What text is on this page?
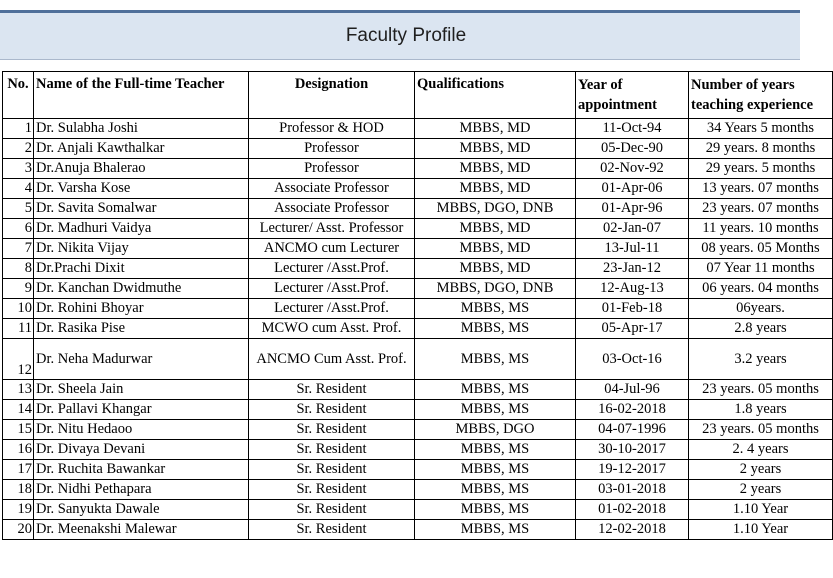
Faculty Profile
No.	Name of the Full-time Teacher	Designation	Qualifications	Year of appointment	Number of years teaching experience
1	Dr. Sulabha Joshi	Professor & HOD	MBBS, MD	11-Oct-94	34 Years 5 months
2	Dr. Anjali Kawthalkar	Professor	MBBS, MD	05-Dec-90	29 years. 8 months
3	Dr.Anuja Bhalerao	Professor	MBBS, MD	02-Nov-92	29 years. 5 months
4	Dr. Varsha Kose	Associate Professor	MBBS, MD	01-Apr-06	13 years. 07 months
5	Dr. Savita Somalwar	Associate Professor	MBBS, DGO, DNB	01-Apr-96	23 years. 07 months
6	Dr. Madhuri Vaidya	Lecturer/ Asst. Professor	MBBS, MD	02-Jan-07	11 years. 10 months
7	Dr. Nikita Vijay	ANCMO cum Lecturer	MBBS, MD	13-Jul-11	08 years. 05 Months
8	Dr.Prachi Dixit	Lecturer /Asst.Prof.	MBBS, MD	23-Jan-12	07 Year 11 months
9	Dr. Kanchan Dwidmuthe	Lecturer /Asst.Prof.	MBBS, DGO, DNB	12-Aug-13	06 years. 04 months
10	Dr. Rohini Bhoyar	Lecturer /Asst.Prof.	MBBS, MS	01-Feb-18	06years.
11	Dr. Rasika Pise	MCWO cum Asst. Prof.	MBBS, MS	05-Apr-17	2.8 years
12	Dr. Neha Madurwar	ANCMO Cum Asst. Prof.	MBBS, MS	03-Oct-16	3.2 years
13	Dr. Sheela Jain	Sr. Resident	MBBS, MS	04-Jul-96	23 years. 05 months
14	Dr. Pallavi Khangar	Sr. Resident	MBBS, MS	16-02-2018	1.8 years
15	Dr. Nitu Hedaoo	Sr. Resident	MBBS, DGO	04-07-1996	23 years. 05 months
16	Dr. Divaya Devani	Sr. Resident	MBBS, MS	30-10-2017	2. 4 years
17	Dr. Ruchita Bawankar	Sr. Resident	MBBS, MS	19-12-2017	2 years
18	Dr. Nidhi Pethapara	Sr. Resident	MBBS, MS	03-01-2018	2 years
19	Dr. Sanyukta Dawale	Sr. Resident	MBBS, MS	01-02-2018	1.10 Year
20	Dr. Meenakshi Malewar	Sr. Resident	MBBS, MS	12-02-2018	1.10 Year
